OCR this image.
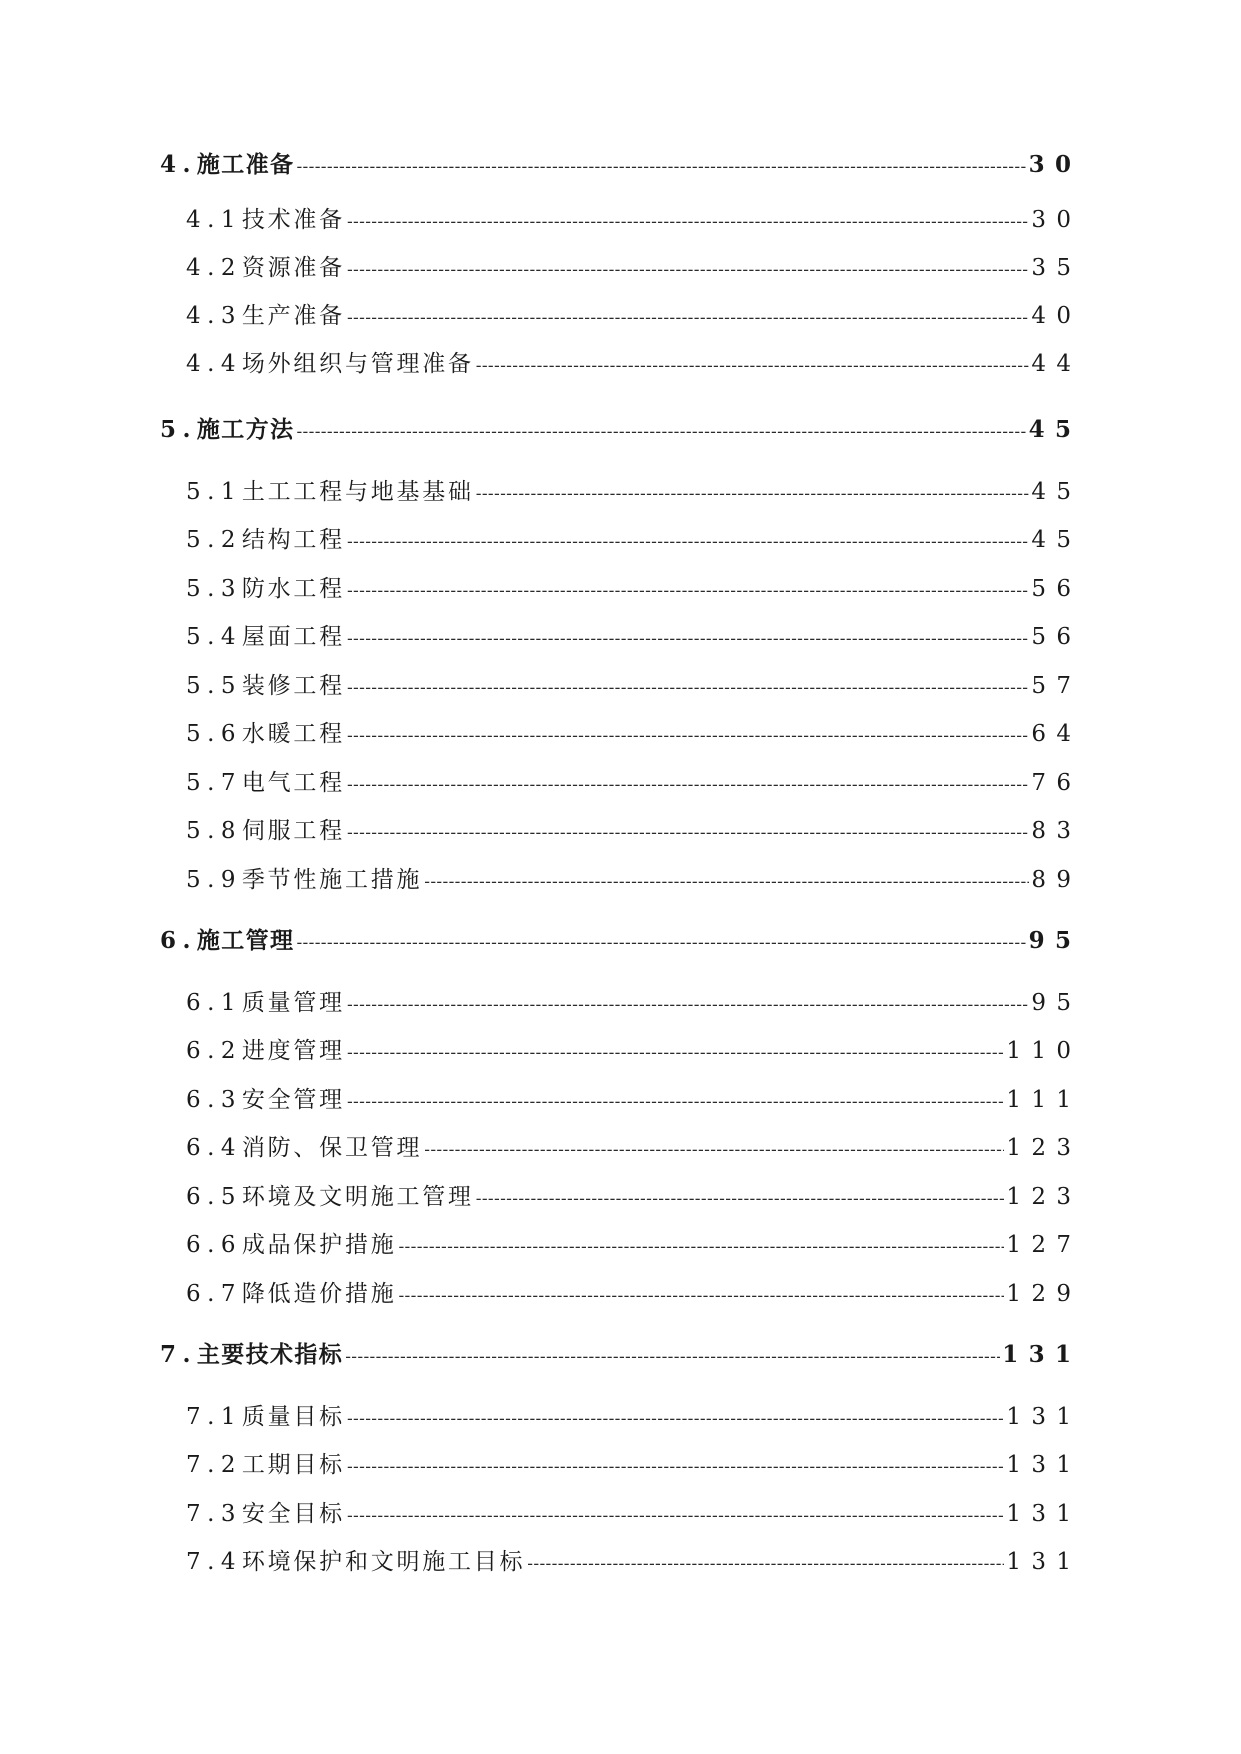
4. 施工准备 -----	30
4.1 技术准备 -----	30
4.2 资源准备 -----	35
4.3 生产准备 -----	40
4.4 场外组织与管理准备 -----	44
5. 施工方法 -----	45
5.1 土工工程与地基基础 -----	45
5.2 结构工程 -----	45
5.3 防水工程 -----	56
5.4 屋面工程 -----	56
5.5 装修工程 -----	57
5.6 水暖工程 -----	64
5.7 电气工程 -----	76
5.8 伺服工程 -----	83
5.9 季节性施工措施 -----	89
6. 施工管理 -----	95
6.1 质量管理 -----	95
6.2 进度管理 -----	110
6.3 安全管理 -----	111
6.4 消防、保卫管理 -----	123
6.5 环境及文明施工管理 -----	123
6.6 成品保护措施 -----	127
6.7 降低造价措施 -----	129
7. 主要技术指标 -----	131
7.1 质量目标 -----	131
7.2 工期目标 -----	131
7.3 安全目标 -----	131
7.4 环境保护和文明施工目标 -----	131
